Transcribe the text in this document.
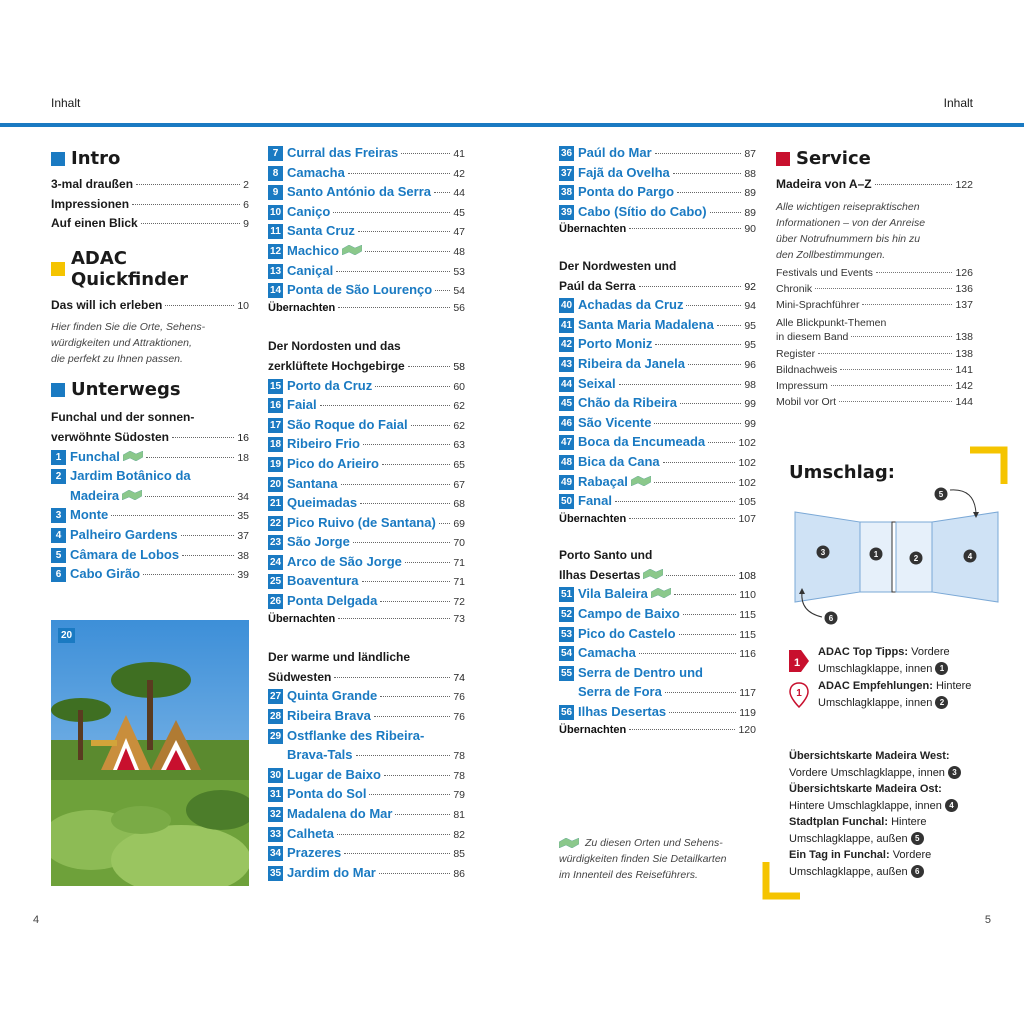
Inhalt	Inhalt
4	5
Intro
3-mal draußen	2
Impressionen	6
Auf einen Blick	9
ADAC Quickfinder
Das will ich erleben	10
Hier finden Sie die Orte, Sehens-
würdigkeiten und Attraktionen,
die perfekt zu Ihnen passen.
Unterwegs
Funchal und der sonnen-
verwöhnte Südosten	16
1 Funchal	18
2 Jardim Botânico da
Madeira	34
3 Monte	35
4 Palheiro Gardens	37
5 Câmara de Lobos	38
6 Cabo Girão	39
20
7 Curral das Freiras	41
8 Camacha	42
9 Santo António da Serra 44
10 Caniço	45
11 Santa Cruz	47
12 Machico	48
13 Caniçal	53
14 Ponta de São Lourenço 54
Übernachten	56
Der Nordosten und das
zerklüftete Hochgebirge	58
15 Porto da Cruz	60
16 Faial	62
17 São Roque do Faial	62
18 Ribeiro Frio	63
19 Pico do Arieiro	65
20 Santana	67
21 Queimadas	68
22 Pico Ruivo (de Santana) 69
23 São Jorge	70
24 Arco de São Jorge	71
25 Boaventura	71
26 Ponta Delgada	72
Übernachten	73
Der warme und ländliche
Südwesten	74
27 Quinta Grande	76
28 Ribeira Brava	76
29 Ostflanke des Ribeira-
Brava-Tals	78
30 Lugar de Baixo	78
31 Ponta do Sol	79
32 Madalena do Mar	81
33 Calheta	82
34 Prazeres	85
35 Jardim do Mar	86
36 Paúl do Mar	87
37 Fajã da Ovelha	88
38 Ponta do Pargo	89
39 Cabo (Sítio do Cabo)	89
Übernachten	90
Der Nordwesten und
Paúl da Serra	92
40 Achadas da Cruz	94
41 Santa Maria Madalena	95
42 Porto Moniz	95
43 Ribeira da Janela	96
44 Seixal	98
45 Chão da Ribeira	99
46 São Vicente	99
47 Boca da Encumeada	102
48 Bica da Cana	102
49 Rabaçal	102
50 Fanal	105
Übernachten	107
Porto Santo und
Ilhas Desertas	108
51 Vila Baleira	110
52 Campo de Baixo	115
53 Pico do Castelo	115
54 Camacha	116
55 Serra de Dentro und
Serra de Fora	117
56 Ilhas Desertas	119
Übernachten	120
Zu diesen Orten und Sehens-
würdigkeiten finden Sie Detailkarten
im Innenteil des Reiseführers.
Service
Madeira von A–Z	122
Alle wichtigen reisepraktischen
Informationen – von der Anreise
über Notrufnummern bis hin zu
den Zollbestimmungen.
Festivals und Events	126
Chronik	136
Mini-Sprachführer	137
Alle Blickpunkt-Themen
in diesem Band	138
Register	138
Bildnachweis	141
Impressum	142
Mobil vor Ort	144
Umschlag:
3	1	2	4
5
6
1
ADAC Top Tipps: Vordere
Umschlagklappe, innen 1
1
ADAC Empfehlungen: Hintere
Umschlagklappe, innen 2
Übersichtskarte Madeira West:
Vordere Umschlagklappe, innen 3
Übersichtskarte Madeira Ost:
Hintere Umschlagklappe, innen 4
Stadtplan Funchal: Hintere
Umschlagklappe, außen 5
Ein Tag in Funchal: Vordere
Umschlagklappe, außen 6
